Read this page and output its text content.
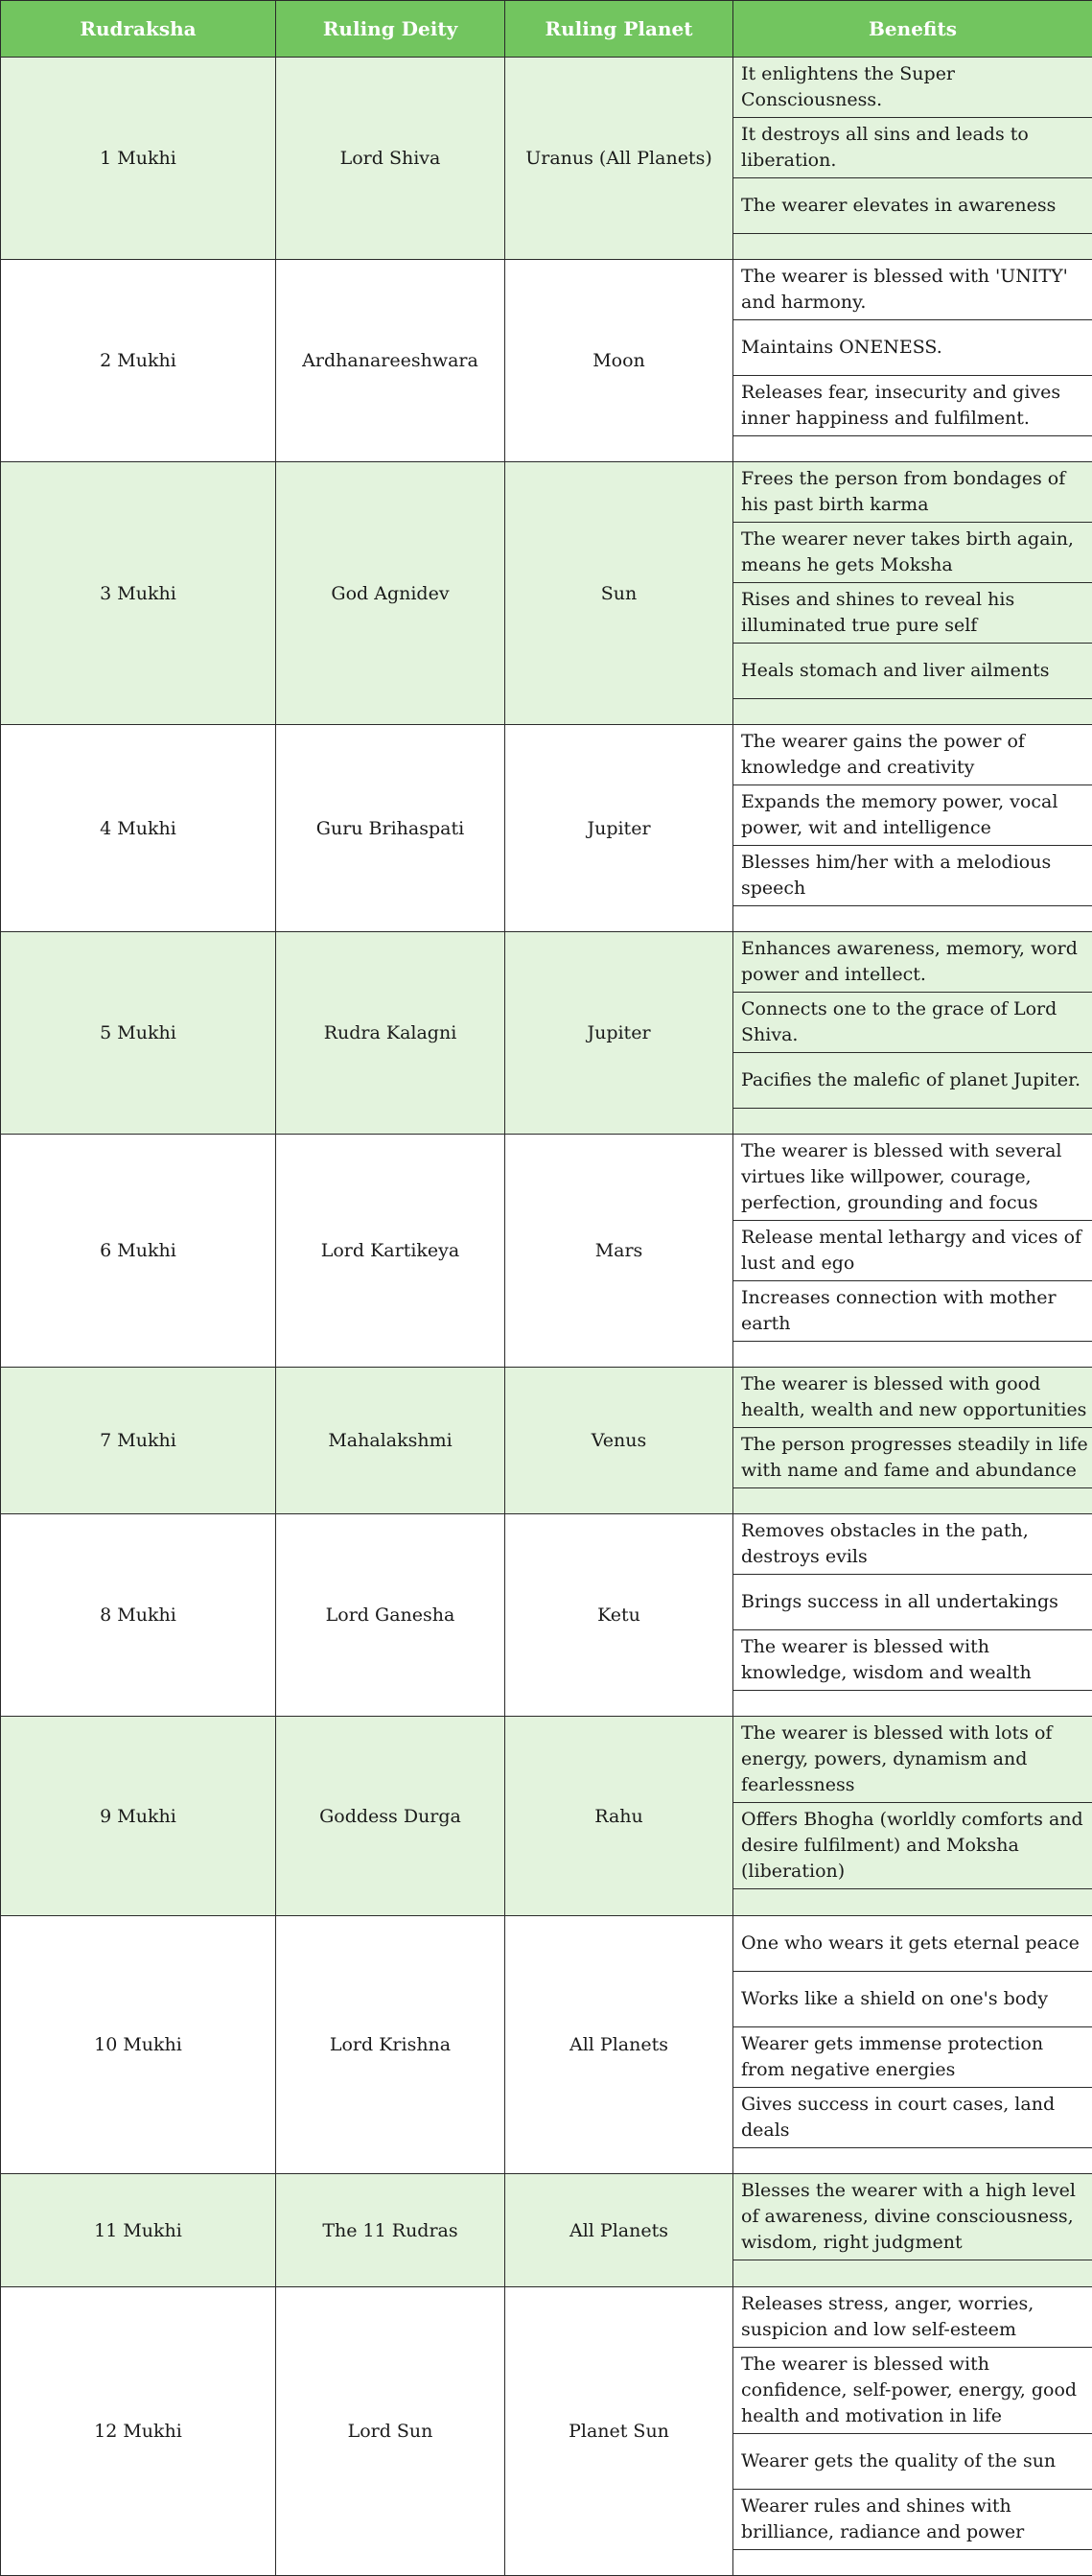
Rudraksha	Ruling Deity	Ruling Planet	Benefits
1 Mukhi	Lord Shiva	Uranus (All Planets)	It enlightens the Super Consciousness.
It destroys all sins and leads to liberation.
The wearer elevates in awareness

2 Mukhi	Ardhanareeshwara	Moon	The wearer is blessed with 'UNITY' and harmony.
Maintains ONENESS.
Releases fear, insecurity and gives inner happiness and fulfilment.

3 Mukhi	God Agnidev	Sun	Frees the person from bondages of his past birth karma
The wearer never takes birth again, means he gets Moksha
Rises and shines to reveal his illuminated true pure self
Heals stomach and liver ailments

4 Mukhi	Guru Brihaspati	Jupiter	The wearer gains the power of knowledge and creativity
Expands the memory power, vocal power, wit and intelligence
Blesses him/her with a melodious speech

5 Mukhi	Rudra Kalagni	Jupiter	Enhances awareness, memory, word power and intellect.
Connects one to the grace of Lord Shiva.
Pacifies the malefic of planet Jupiter.

6 Mukhi	Lord Kartikeya	Mars	The wearer is blessed with several virtues like willpower, courage, perfection, grounding and focus
Release mental lethargy and vices of lust and ego
Increases connection with mother earth

7 Mukhi	Mahalakshmi	Venus	The wearer is blessed with good health, wealth and new opportunities
The person progresses steadily in life with name and fame and abundance

8 Mukhi	Lord Ganesha	Ketu	Removes obstacles in the path, destroys evils
Brings success in all undertakings
The wearer is blessed with knowledge, wisdom and wealth

9 Mukhi	Goddess Durga	Rahu	The wearer is blessed with lots of energy, powers, dynamism and fearlessness
Offers Bhogha (worldly comforts and desire fulfilment) and Moksha (liberation)

10 Mukhi	Lord Krishna	All Planets	One who wears it gets eternal peace
Works like a shield on one's body
Wearer gets immense protection from negative energies
Gives success in court cases, land deals

11 Mukhi	The 11 Rudras	All Planets	Blesses the wearer with a high level of awareness, divine consciousness, wisdom, right judgment

12 Mukhi	Lord Sun	Planet Sun	Releases stress, anger, worries, suspicion and low self-esteem
The wearer is blessed with confidence, self-power, energy, good health and motivation in life
Wearer gets the quality of the sun
Wearer rules and shines with brilliance, radiance and power
